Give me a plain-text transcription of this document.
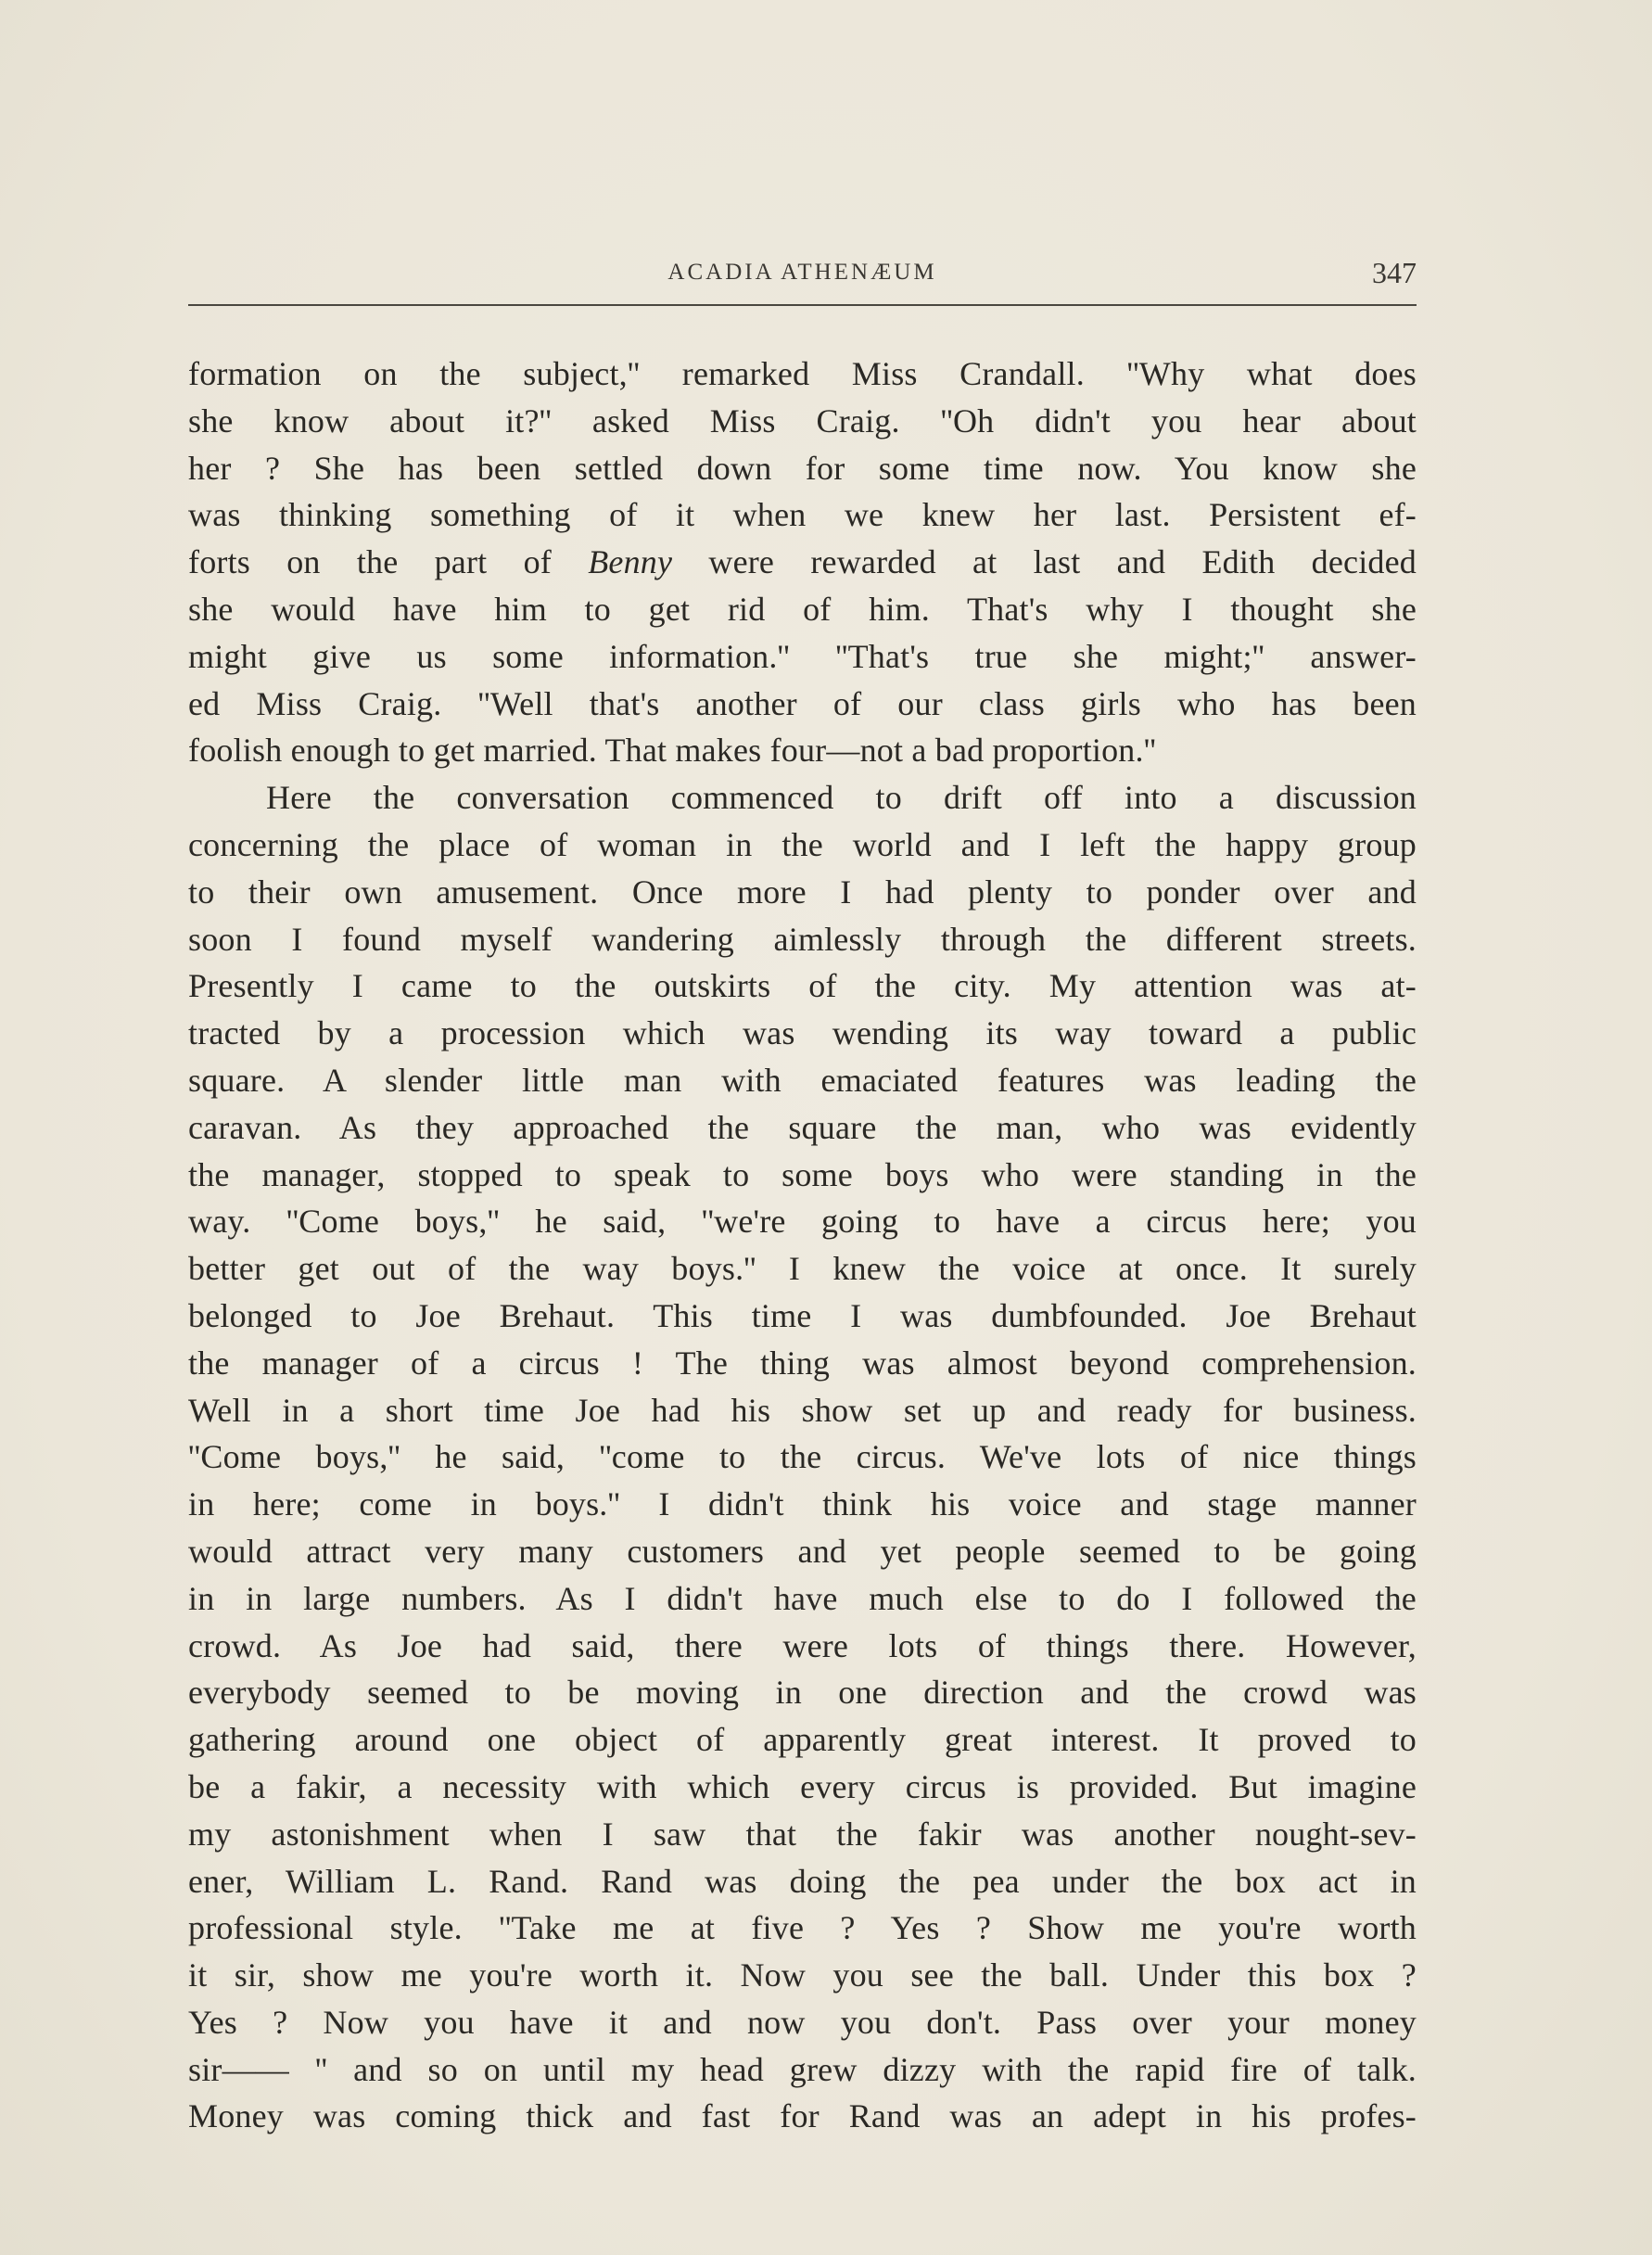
ACADIA ATHENÆUM	347
formation on the subject,'' remarked Miss Crandall. ''Why what does
she know about it?'' asked Miss Craig. ''Oh didn't you hear about
her ? She has been settled down for some time now. You know she
was thinking something of it when we knew her last. Persistent ef-
forts on the part of Benny were rewarded at last and Edith decided
she would have him to get rid of him. That's why I thought she
might give us some information.'' ''That's true she might;'' answer-
ed Miss Craig. ''Well that's another of our class girls who has been
foolish enough to get married. That makes four—not a bad proportion.''
Here the conversation commenced to drift off into a discussion
concerning the place of woman in the world and I left the happy group
to their own amusement. Once more I had plenty to ponder over and
soon I found myself wandering aimlessly through the different streets.
Presently I came to the outskirts of the city. My attention was at-
tracted by a procession which was wending its way toward a public
square. A slender little man with emaciated features was leading the
caravan. As they approached the square the man, who was evidently
the manager, stopped to speak to some boys who were standing in the
way. ''Come boys,'' he said, ''we're going to have a circus here; you
better get out of the way boys.'' I knew the voice at once. It surely
belonged to Joe Brehaut. This time I was dumbfounded. Joe Brehaut
the manager of a circus ! The thing was almost beyond comprehension.
Well in a short time Joe had his show set up and ready for business.
''Come boys,'' he said, ''come to the circus. We've lots of nice things
in here; come in boys.'' I didn't think his voice and stage manner
would attract very many customers and yet people seemed to be going
in in large numbers. As I didn't have much else to do I followed the
crowd. As Joe had said, there were lots of things there. However,
everybody seemed to be moving in one direction and the crowd was
gathering around one object of apparently great interest. It proved to
be a fakir, a necessity with which every circus is provided. But imagine
my astonishment when I saw that the fakir was another nought-sev-
ener, William L. Rand. Rand was doing the pea under the box act in
professional style. ''Take me at five ? Yes ? Show me you're worth
it sir, show me you're worth it. Now you see the ball. Under this box ?
Yes ? Now you have it and now you don't. Pass over your money
sir—— '' and so on until my head grew dizzy with the rapid fire of talk.
Money was coming thick and fast for Rand was an adept in his profes-
